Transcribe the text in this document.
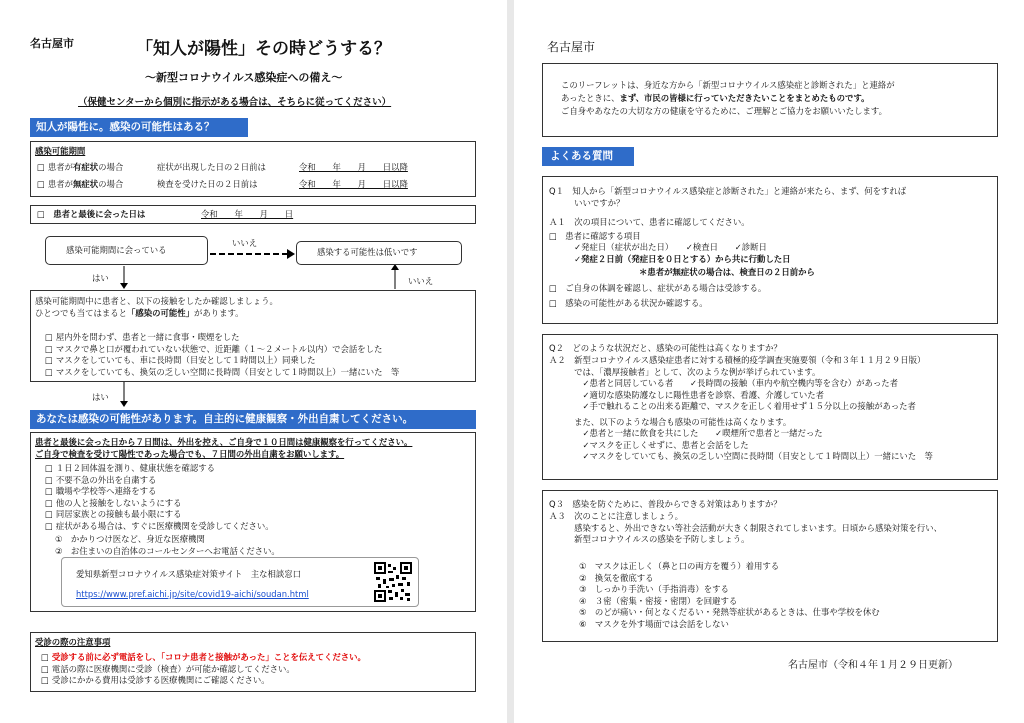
名古屋市	「知人が陽性」その時どうする？
～新型コロナウイルス感染症への備え～
（保健センターから個別に指示がある場合は、そちらに従ってください）
知人が陽性に。感染の可能性はある？
感染可能期間
□ 患者が有症状の場合	症状が出現した日の２日前は	令和　　年　　月　　日以降
□ 患者が無症状の場合	検査を受けた日の２日前は	令和　　年　　月　　日以降
□　患者と最後に会った日は	令和　　年　　月　　日
感染可能期間に会っている
いいえ
感染する可能性は低いです
はい	いいえ
感染可能期間中に患者と、以下の接触をしたか確認しましょう。
ひとつでも当てはまると「感染の可能性」があります。
□ 屋内外を問わず、患者と一緒に食事・喫煙をした
□ マスクで鼻と口が覆われていない状態で、近距離（１～２メートル以内）で会話をした
□ マスクをしていても、車に長時間（目安として１時間以上）同乗した
□ マスクをしていても、換気の乏しい空間に長時間（目安として１時間以上）一緒にいた　等
はい
あなたは感染の可能性があります。自主的に健康観察・外出自粛してください。
患者と最後に会った日から７日間は、外出を控え、ご自身で１０日間は健康観察を行ってください。
ご自身で検査を受けて陽性であった場合でも、７日間の外出自粛をお願いします。
□ １日２回体温を測り、健康状態を確認する
□ 不要不急の外出を自粛する
□ 職場や学校等へ連絡をする
□ 他の人と接触をしないようにする
□ 同居家族との接触も最小限にする
□ 症状がある場合は、すぐに医療機関を受診してください。
①　かかりつけ医など、身近な医療機関
②　お住まいの自治体のコールセンターへお電話ください。
愛知県新型コロナウイルス感染症対策サイト　主な相談窓口
https://www.pref.aichi.jp/site/covid19-aichi/soudan.html
受診の際の注意事項
□ 受診する前に必ず電話をし、「コロナ患者と接触があった」ことを伝えてください。
□ 電話の際に医療機関に受診（検査）が可能か確認してください。
□ 受診にかかる費用は受診する医療機関にご確認ください。
名古屋市
このリーフレットは、身近な方から「新型コロナウイルス感染症と診断された」と連絡が
あったときに、まず、市民の皆様に行っていただきたいことをまとめたものです。
ご自身やあなたの大切な方の健康を守るために、ご理解とご協力をお願いいたします。
よくある質問
Q１　知人から「新型コロナウイルス感染症と診断された」と連絡が来たら、まず、何をすれば
　　　いいですか？
Ａ１　次の項目について、患者に確認してください。
□　患者に確認する項目
　　　✓発症日（症状が出た日）　　✓検査日　　✓診断日
　　　✓発症２日前（発症日を０日とする）から共に行動した日
＊患者が無症状の場合は、検査日の２日前から
□　ご自身の体調を確認し、症状がある場合は受診する。
□　感染の可能性がある状況か確認する。
Q２　どのような状況だと、感染の可能性は高くなりますか？
Ａ２　新型コロナウイルス感染症患者に対する積極的疫学調査実施要領（令和３年１１月２９日版）
　　　では、「濃厚接触者」として、次のような例が挙げられています。
　　　　✓患者と同居している者　　✓長時間の接触（車内や航空機内等を含む）があった者
　　　　✓適切な感染防護なしに陽性患者を診察、看護、介護していた者
　　　　✓手で触れることの出来る距離で、マスクを正しく着用せず１５分以上の接触があった者
　　　また、以下のような場合も感染の可能性は高くなります。
　　　　✓患者と一緒に飲食を共にした　　✓喫煙所で患者と一緒だった
　　　　✓マスクを正しくせずに、患者と会話をした
　　　　✓マスクをしていても、換気の乏しい空間に長時間（目安として１時間以上）一緒にいた　等
Q３　感染を防ぐために、普段からできる対策はありますか？
Ａ３　次のことに注意しましょう。
　　　感染すると、外出できない等社会活動が大きく制限されてしまいます。日頃から感染対策を行い、
　　　新型コロナウイルスの感染を予防しましょう。
①　マスクは正しく（鼻と口の両方を覆う）着用する
②　換気を徹底する
③　しっかり手洗い（手指消毒）をする
④　３密（密集・密接・密閉）を回避する
⑤　のどが痛い・何となくだるい・発熱等症状があるときは、仕事や学校を休む
⑥　マスクを外す場面では会話をしない
名古屋市（令和４年１月２９日更新）
